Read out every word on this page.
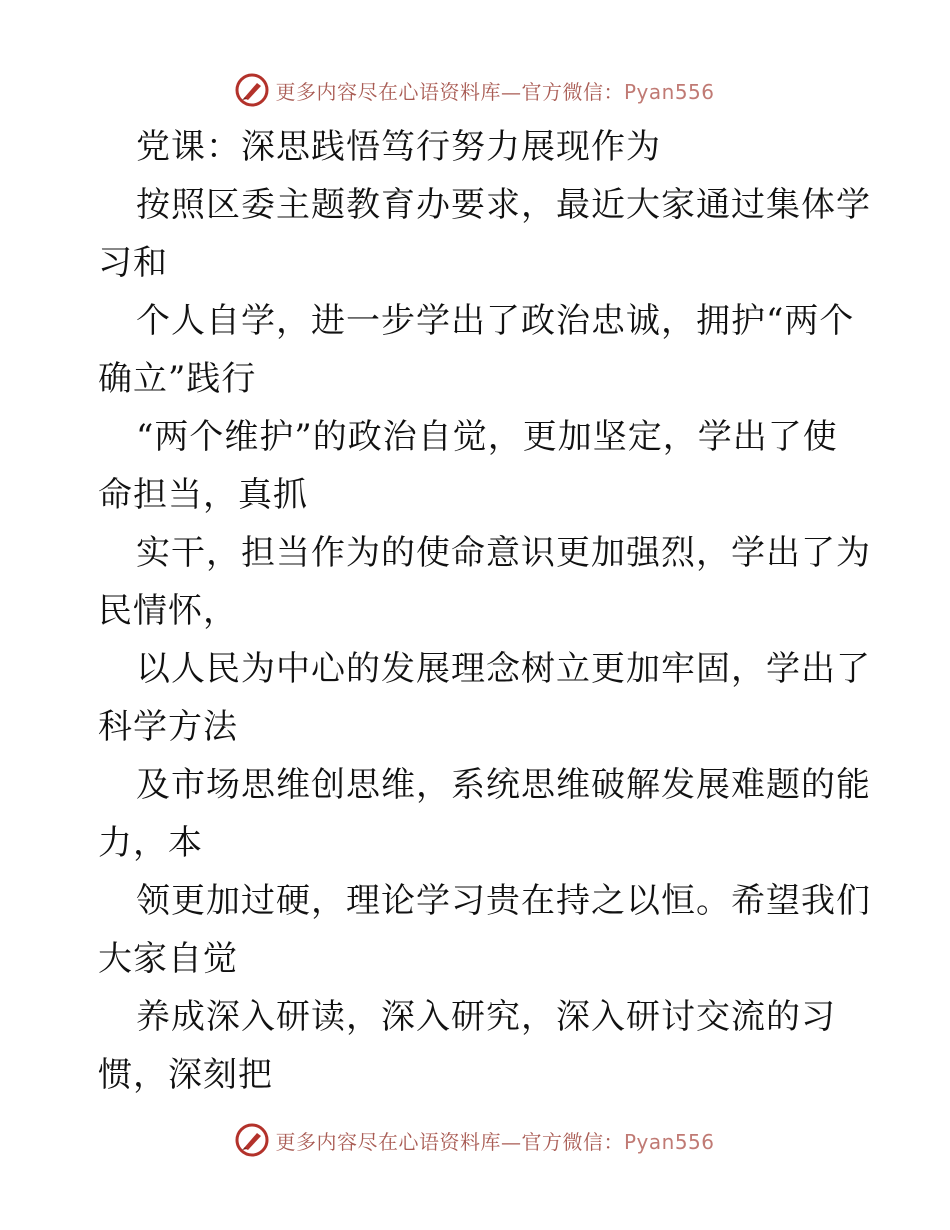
更多内容尽在心语资料库—官方微信：Pyan556
党课：深思践悟笃行努力展现作为
按照区委主题教育办要求，最近大家通过集体学
习和
个人自学，进一步学出了政治忠诚，拥护“两个
确立”践行
“两个维护”的政治自觉，更加坚定，学出了使
命担当，真抓
实干，担当作为的使命意识更加强烈，学出了为
民情怀，
以人民为中心的发展理念树立更加牢固，学出了
科学方法
及市场思维创思维，系统思维破解发展难题的能
力，本
领更加过硬，理论学习贵在持之以恒。希望我们
大家自觉
养成深入研读，深入研究，深入研讨交流的习
惯，深刻把
更多内容尽在心语资料库—官方微信：Pyan556
